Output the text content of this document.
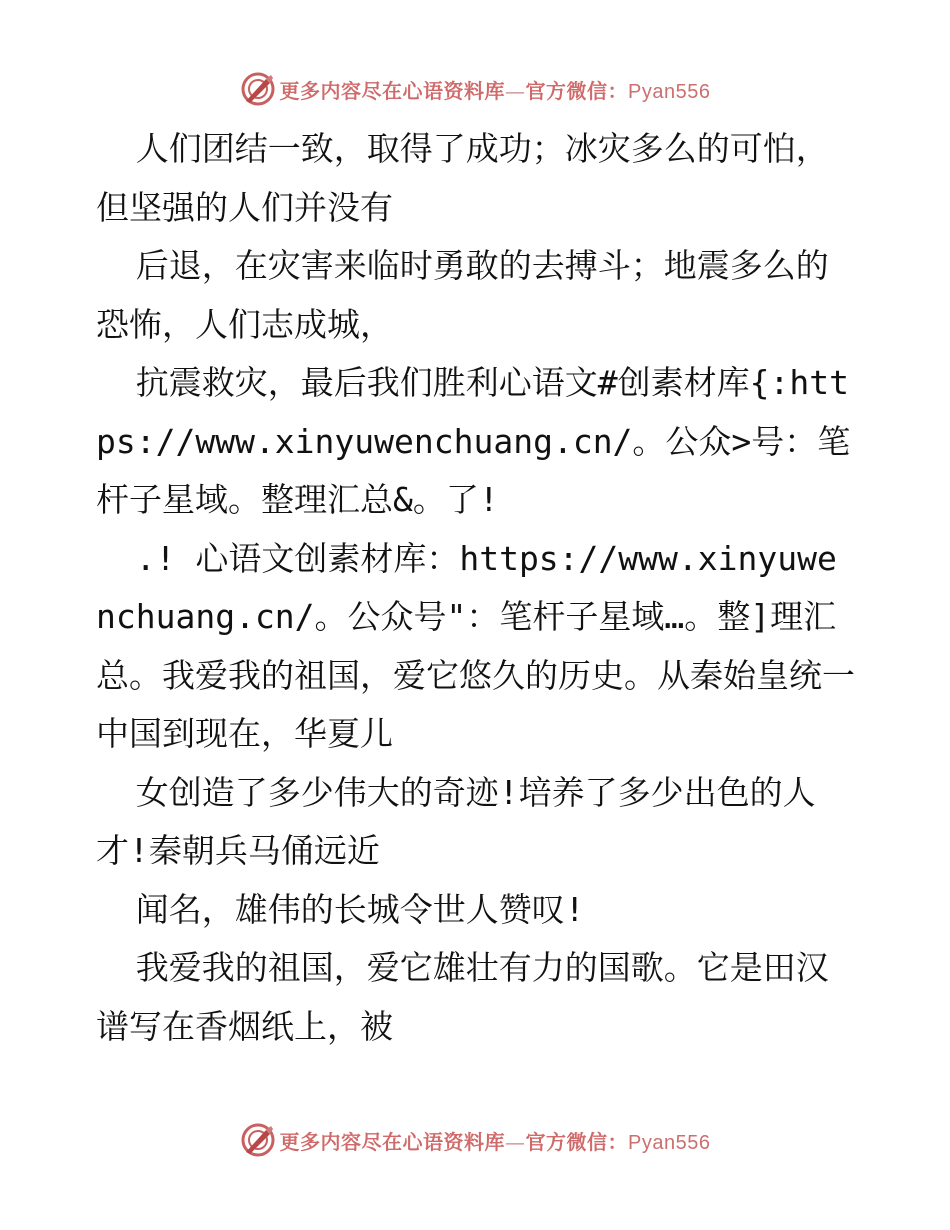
更多内容尽在心语资料库—官方微信：Pyan556

人们团结一致，取得了成功；冰灾多么的可怕，但坚强的人们并没有

后退，在灾害来临时勇敢的去搏斗；地震多么的恐怖，人们志成城，

抗震救灾，最后我们胜利心语文#创素材库{:https://www.xinyuwenchuang.cn/。公众>号：笔杆子星域。整理汇总&。了!

.! 心语文创素材库：https://www.xinyuwenchuang.cn/。公众号"：笔杆子星域…。整]理汇总。我爱我的祖国，爱它悠久的历史。从秦始皇统一中国到现在，华夏儿

女创造了多少伟大的奇迹!培养了多少出色的人才!秦朝兵马俑远近

闻名，雄伟的长城令世人赞叹!

我爱我的祖国，爱它雄壮有力的国歌。它是田汉谱写在香烟纸上，被

更多内容尽在心语资料库—官方微信：Pyan556
